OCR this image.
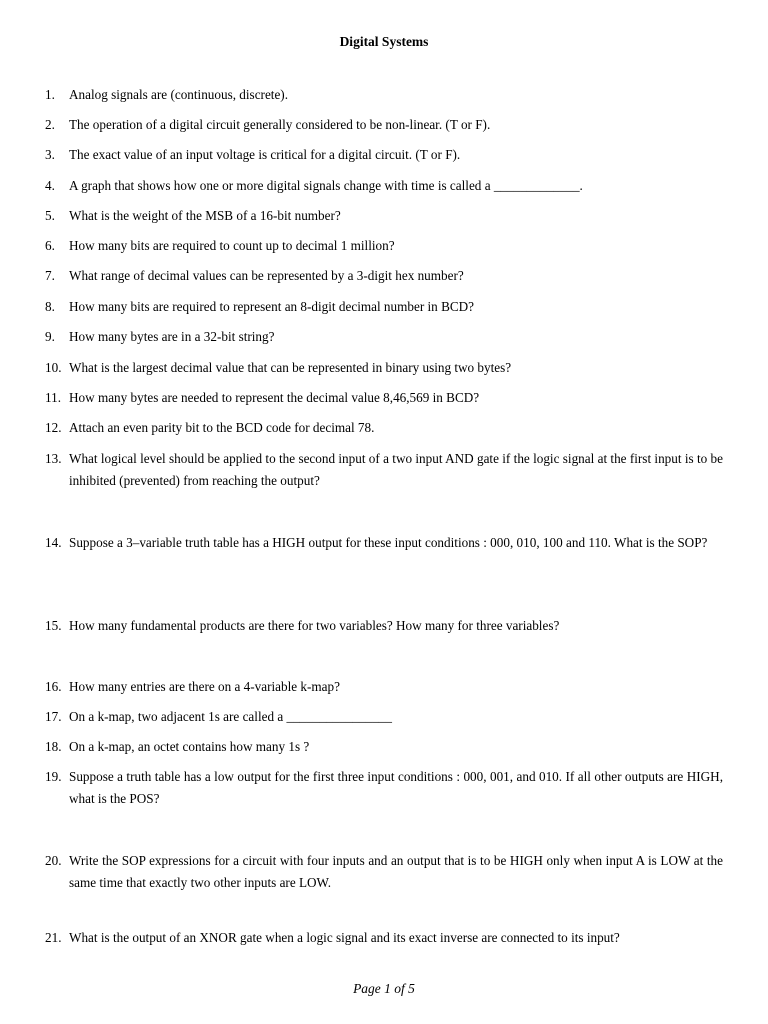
Digital Systems
1.	Analog signals are (continuous, discrete).
2.	The operation of a digital circuit generally considered to be non-linear. (T or F).
3.	The exact value of an input voltage is critical for a digital circuit. (T or F).
4.	A graph that shows how one or more digital signals change with time is called a _____________.
5.	What is the weight of the MSB of a 16-bit number?
6.	How many bits are required to count up to decimal 1 million?
7.	What range of decimal values can be represented by a 3-digit hex number?
8.	How many bits are required to represent an 8-digit decimal number in BCD?
9.	How many bytes are in a 32-bit string?
10. What is the largest decimal value that can be represented in binary using two bytes?
11. How many bytes are needed to represent the decimal value 8,46,569 in BCD?
12. Attach an even parity bit to the BCD code for decimal 78.
13. What logical level should be applied to the second input of a two input AND gate if the logic signal at the first input is to be inhibited (prevented) from reaching the output?
14. Suppose a 3–variable truth table has a HIGH output for these input conditions : 000, 010, 100 and 110. What is the SOP?
15. How many fundamental products are there for two variables? How many for three variables?
16. How many entries are there on a 4-variable k-map?
17. On a k-map, two adjacent 1s are called a ________________
18. On a k-map, an octet contains how many 1s ?
19. Suppose a truth table has a low output for the first three input conditions : 000, 001, and 010. If all other outputs are HIGH, what is the POS?
20. Write the SOP expressions for a circuit with four inputs and an output that is to be HIGH only when input A is LOW at the same time that exactly two other inputs are LOW.
21. What is the output of an XNOR gate when a logic signal and its exact inverse are connected to its input?
Page 1 of 5
